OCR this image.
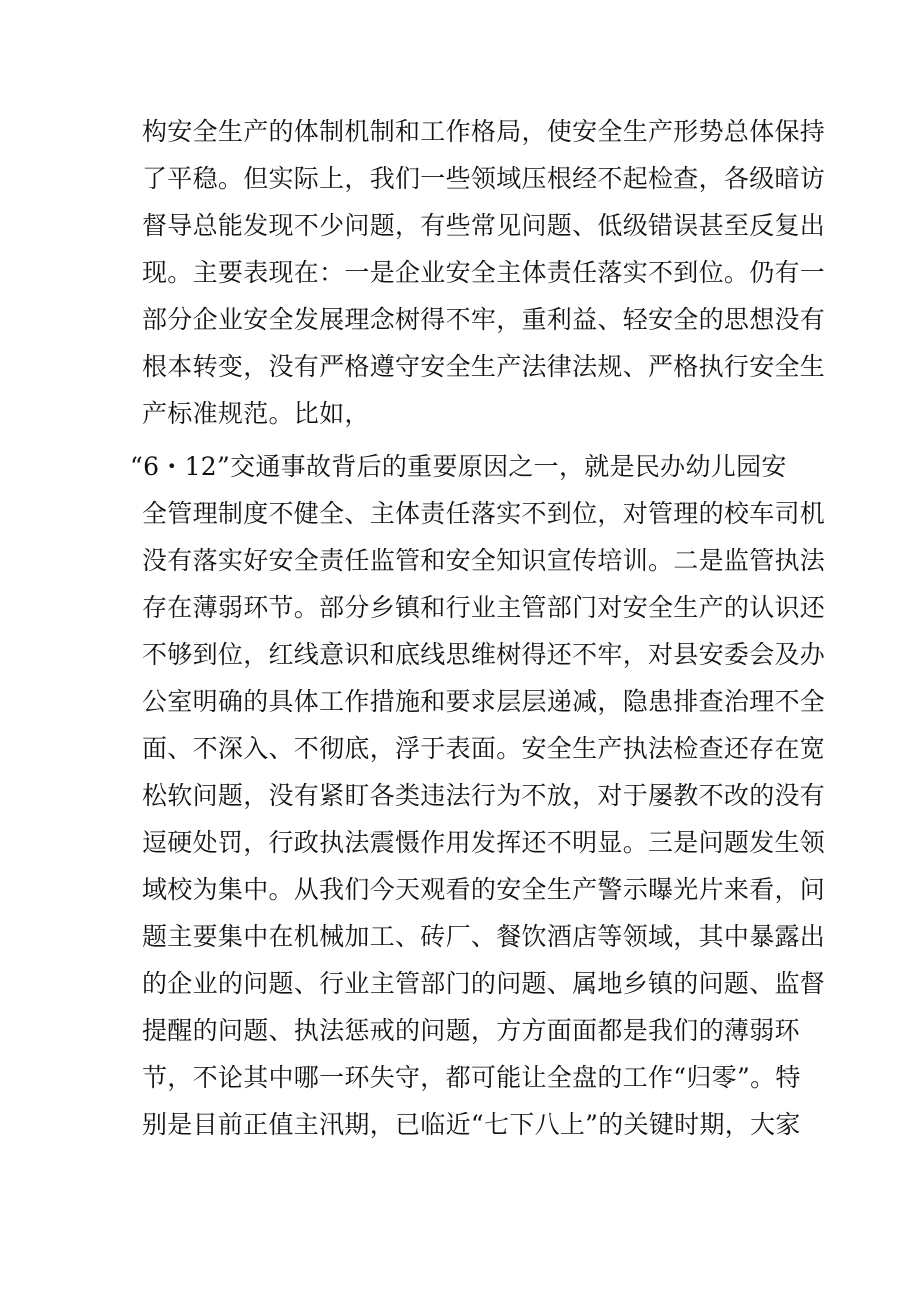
构安全生产的体制机制和工作格局，使安全生产形势总体保持
了平稳。但实际上，我们一些领域压根经不起检查，各级暗访
督导总能发现不少问题，有些常见问题、低级错误甚至反复出
现。主要表现在：一是企业安全主体责任落实不到位。仍有一
部分企业安全发展理念树得不牢，重利益、轻安全的思想没有
根本转变，没有严格遵守安全生产法律法规、严格执行安全生
产标准规范。比如，
“6・12”交通事故背后的重要原因之一，就是民办幼儿园安
全管理制度不健全、主体责任落实不到位，对管理的校车司机
没有落实好安全责任监管和安全知识宣传培训。二是监管执法
存在薄弱环节。部分乡镇和行业主管部门对安全生产的认识还
不够到位，红线意识和底线思维树得还不牢，对县安委会及办
公室明确的具体工作措施和要求层层递减，隐患排查治理不全
面、不深入、不彻底，浮于表面。安全生产执法检查还存在宽
松软问题，没有紧盯各类违法行为不放，对于屡教不改的没有
逗硬处罚，行政执法震慑作用发挥还不明显。三是问题发生领
域校为集中。从我们今天观看的安全生产警示曝光片来看，问
题主要集中在机械加工、砖厂、餐饮酒店等领域，其中暴露出
的企业的问题、行业主管部门的问题、属地乡镇的问题、监督
提醒的问题、执法惩戒的问题，方方面面都是我们的薄弱环
节，不论其中哪一环失守，都可能让全盘的工作“归零”。特
别是目前正值主汛期，已临近“七下八上”的关键时期，大家
